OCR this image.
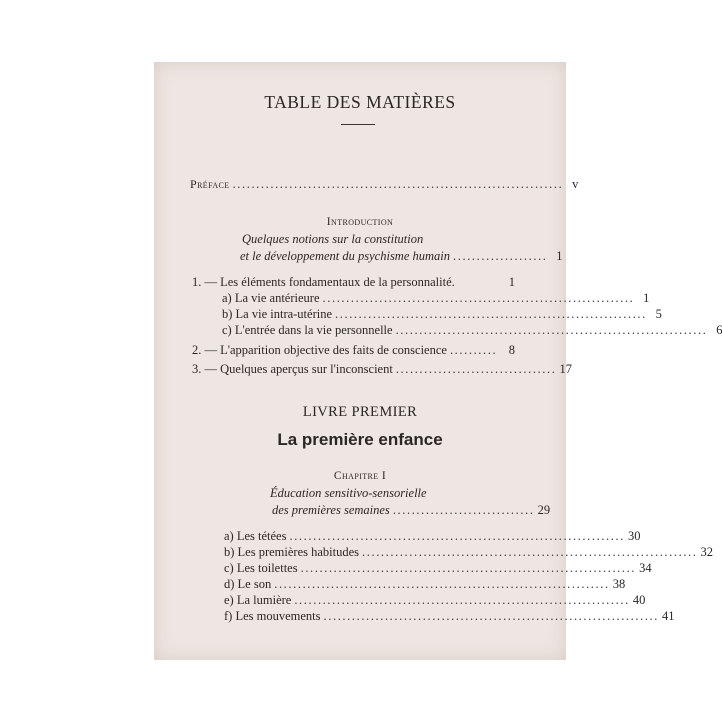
TABLE DES MATIÈRES
Préface ...................................................................... v
Introduction
Quelques notions sur la constitution
et le développement du psychisme humain .................... 1
1. — Les éléments fondamentaux de la personnalité.	1
a) La vie antérieure .................................................................. 1
b) La vie intra-utérine .................................................................. 5
c) L'entrée dans la vie personnelle .................................................................. 6
2. — L'apparition objective des faits de conscience .......... 8
3. — Quelques aperçus sur l'inconscient .................................. 17
LIVRE PREMIER
La première enfance
Chapitre I
Éducation sensitivo-sensorielle
des premières semaines .............................. 29
a) Les tétées ....................................................................... 30
b) Les premières habitudes ....................................................................... 32
c) Les toilettes ....................................................................... 34
d) Le son ....................................................................... 38
e) La lumière ....................................................................... 40
f) Les mouvements ....................................................................... 41
